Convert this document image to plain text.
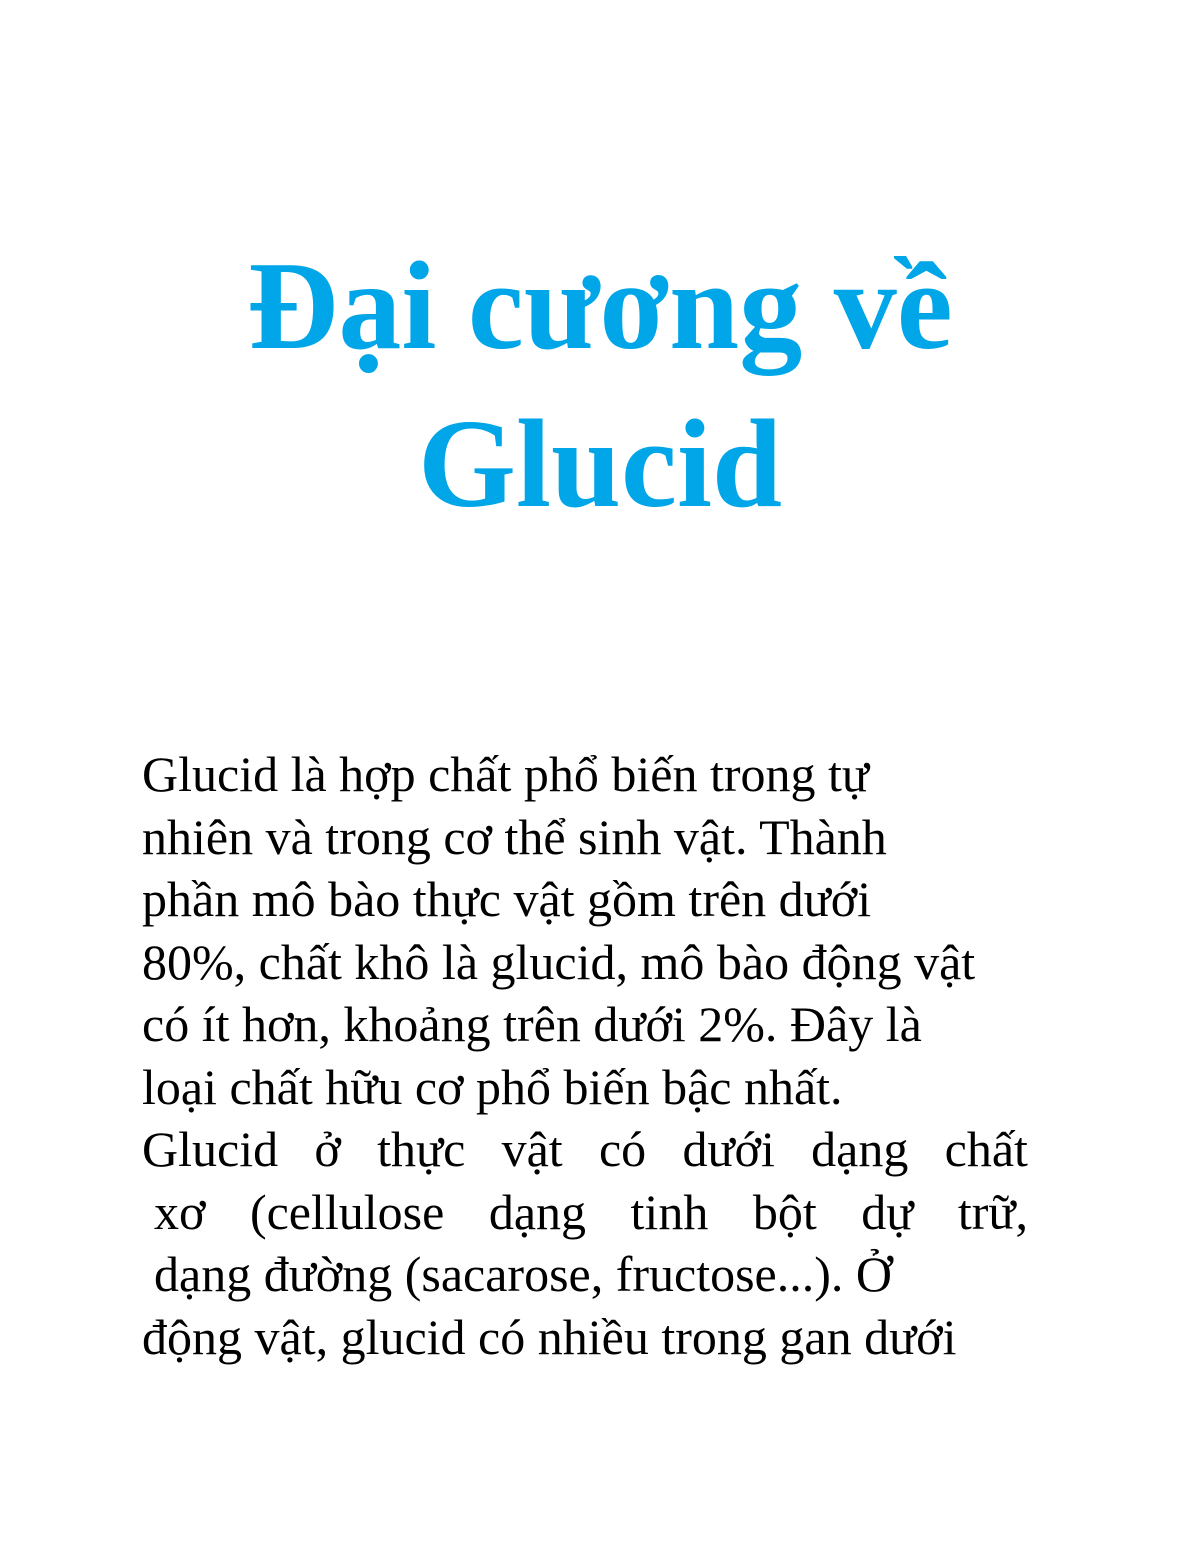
Đại cương về
Glucid
Glucid là hợp chất phổ biến trong tự
nhiên và trong cơ thể sinh vật. Thành
phần mô bào thực vật gồm trên dưới
80%, chất khô là glucid, mô bào động vật
có ít hơn, khoảng trên dưới 2%. Đây là
loại chất hữu cơ phổ biến bậc nhất.
Glucid ở thực vật có dưới dạng chất
xơ (cellulose dạng tinh bột dự trữ,
dạng đường (sacarose, fructose...). Ở
động vật, glucid có nhiều trong gan dưới
